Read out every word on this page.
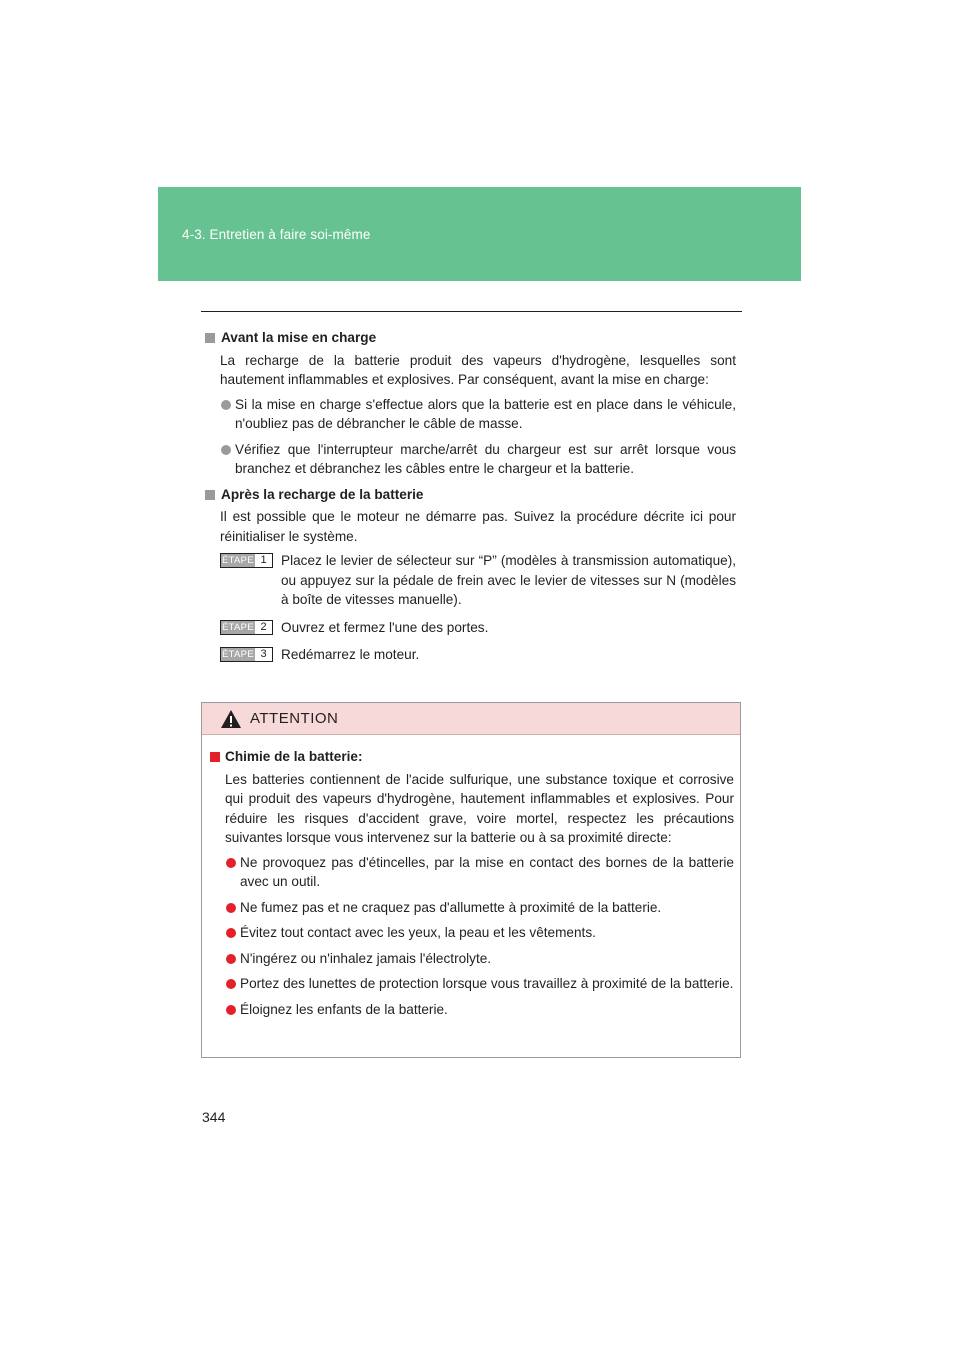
4-3. Entretien à faire soi-même
Avant la mise en charge
La recharge de la batterie produit des vapeurs d'hydrogène, lesquelles sont hautement inflammables et explosives. Par conséquent, avant la mise en charge:
Si la mise en charge s'effectue alors que la batterie est en place dans le véhicule, n'oubliez pas de débrancher le câble de masse.
Vérifiez que l'interrupteur marche/arrêt du chargeur est sur arrêt lorsque vous branchez et débranchez les câbles entre le chargeur et la batterie.
Après la recharge de la batterie
Il est possible que le moteur ne démarre pas. Suivez la procédure décrite ici pour réinitialiser le système.
ÉTAPE 1	Placez le levier de sélecteur sur “P” (modèles à transmission automatique), ou appuyez sur la pédale de frein avec le levier de vitesses sur N (modèles à boîte de vitesses manuelle).
ÉTAPE 2	Ouvrez et fermez l'une des portes.
ÉTAPE 3	Redémarrez le moteur.
ATTENTION
Chimie de la batterie:
Les batteries contiennent de l'acide sulfurique, une substance toxique et corrosive qui produit des vapeurs d'hydrogène, hautement inflammables et explosives. Pour réduire les risques d'accident grave, voire mortel, respectez les précautions suivantes lorsque vous intervenez sur la batterie ou à sa proximité directe:
Ne provoquez pas d'étincelles, par la mise en contact des bornes de la batterie avec un outil.
Ne fumez pas et ne craquez pas d'allumette à proximité de la batterie.
Évitez tout contact avec les yeux, la peau et les vêtements.
N'ingérez ou n'inhalez jamais l'électrolyte.
Portez des lunettes de protection lorsque vous travaillez à proximité de la batterie.
Éloignez les enfants de la batterie.
344
